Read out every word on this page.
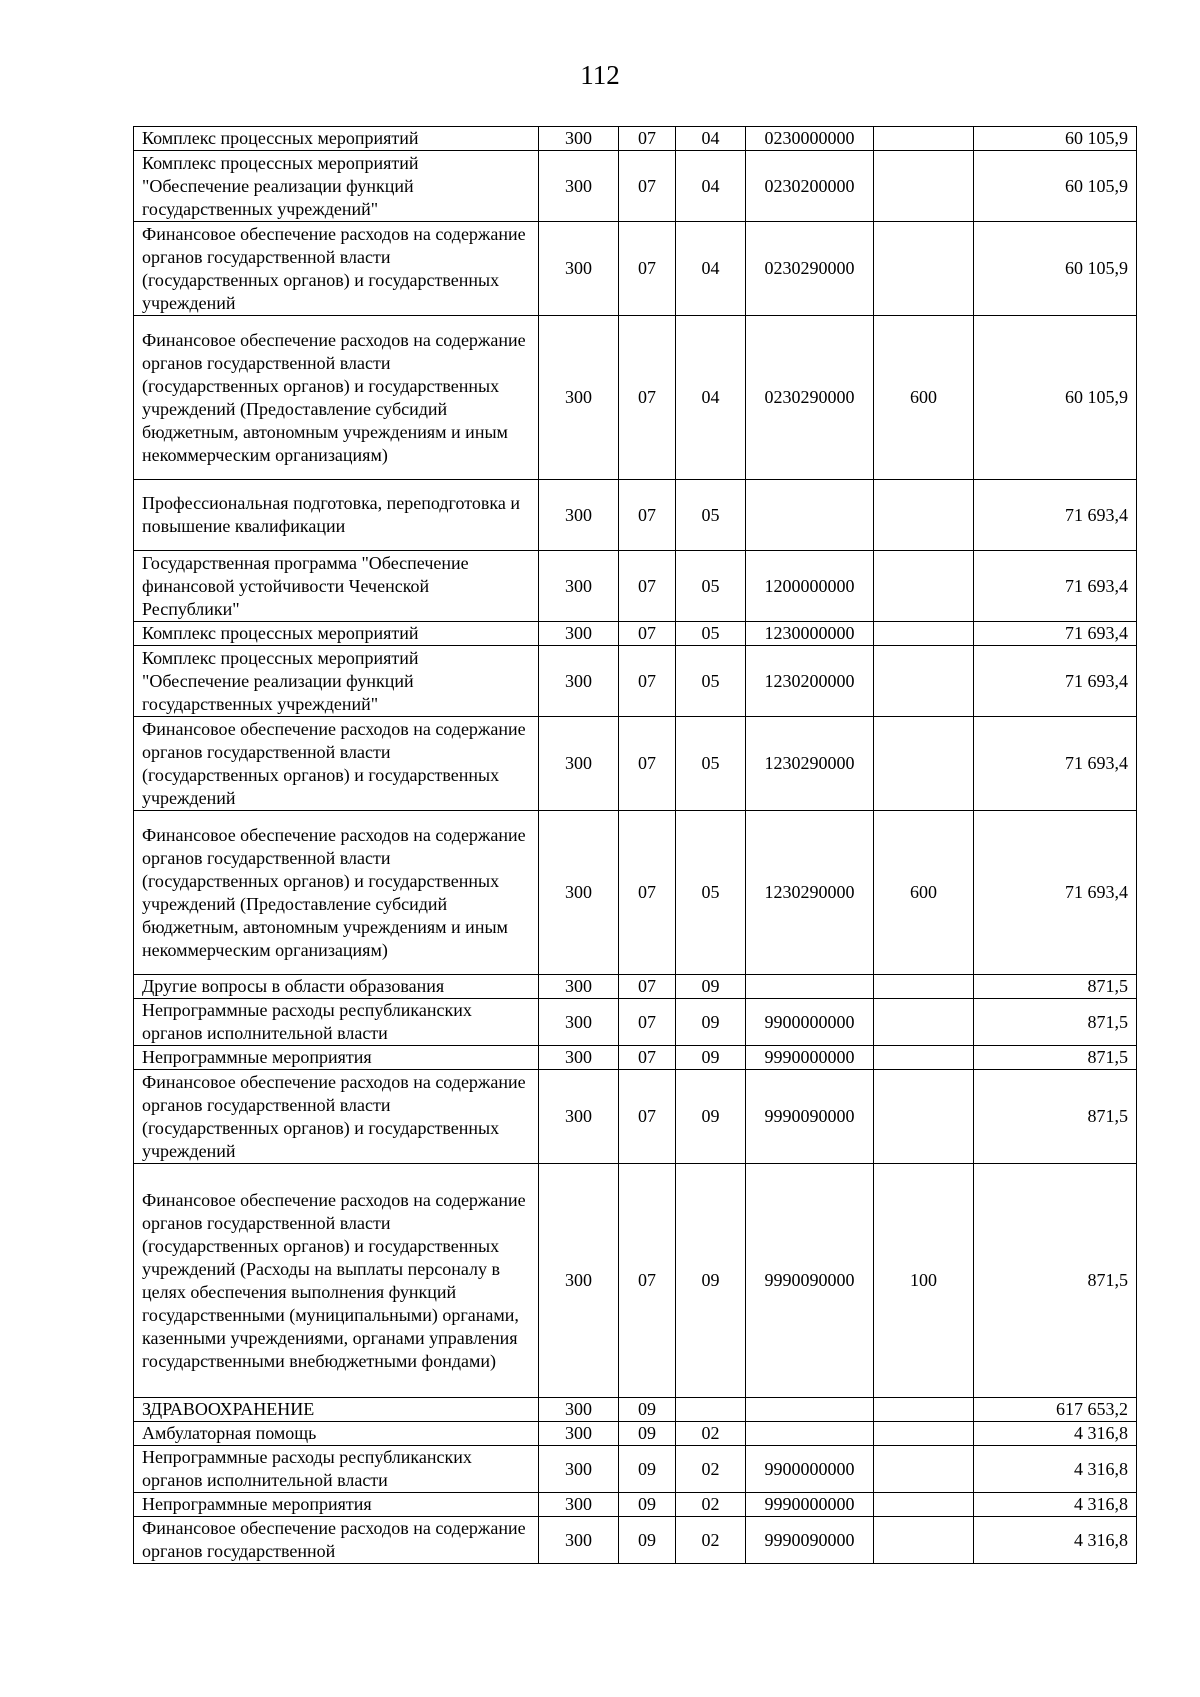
112
Комплекс процессных мероприятий	300	07	04	0230000000		60 105,9
Комплекс процессных мероприятий "Обеспечение реализации функций государственных учреждений"	300	07	04	0230200000		60 105,9
Финансовое обеспечение расходов на содержание органов государственной власти (государственных органов) и государственных учреждений	300	07	04	0230290000		60 105,9
Финансовое обеспечение расходов на содержание органов государственной власти (государственных органов) и государственных учреждений (Предоставление субсидий бюджетным, автономным учреждениям и иным некоммерческим организациям)	300	07	04	0230290000	600	60 105,9
Профессиональная подготовка, переподготовка и повышение квалификации	300	07	05			71 693,4
Государственная программа "Обеспечение финансовой устойчивости Чеченской Республики"	300	07	05	1200000000		71 693,4
Комплекс процессных мероприятий	300	07	05	1230000000		71 693,4
Комплекс процессных мероприятий "Обеспечение реализации функций государственных учреждений"	300	07	05	1230200000		71 693,4
Финансовое обеспечение расходов на содержание органов государственной власти (государственных органов) и государственных учреждений	300	07	05	1230290000		71 693,4
Финансовое обеспечение расходов на содержание органов государственной власти (государственных органов) и государственных учреждений (Предоставление субсидий бюджетным, автономным учреждениям и иным некоммерческим организациям)	300	07	05	1230290000	600	71 693,4
Другие вопросы в области образования	300	07	09			871,5
Непрограммные расходы республиканских органов исполнительной власти	300	07	09	9900000000		871,5
Непрограммные мероприятия	300	07	09	9990000000		871,5
Финансовое обеспечение расходов на содержание органов государственной власти (государственных органов) и государственных учреждений	300	07	09	9990090000		871,5
Финансовое обеспечение расходов на содержание органов государственной власти (государственных органов) и государственных учреждений (Расходы на выплаты персоналу в целях обеспечения выполнения функций государственными (муниципальными) органами, казенными учреждениями, органами управления государственными внебюджетными фондами)	300	07	09	9990090000	100	871,5
ЗДРАВООХРАНЕНИЕ	300	09				617 653,2
Амбулаторная помощь	300	09	02			4 316,8
Непрограммные расходы республиканских органов исполнительной власти	300	09	02	9900000000		4 316,8
Непрограммные мероприятия	300	09	02	9990000000		4 316,8
Финансовое обеспечение расходов на содержание органов государственной	300	09	02	9990090000		4 316,8
